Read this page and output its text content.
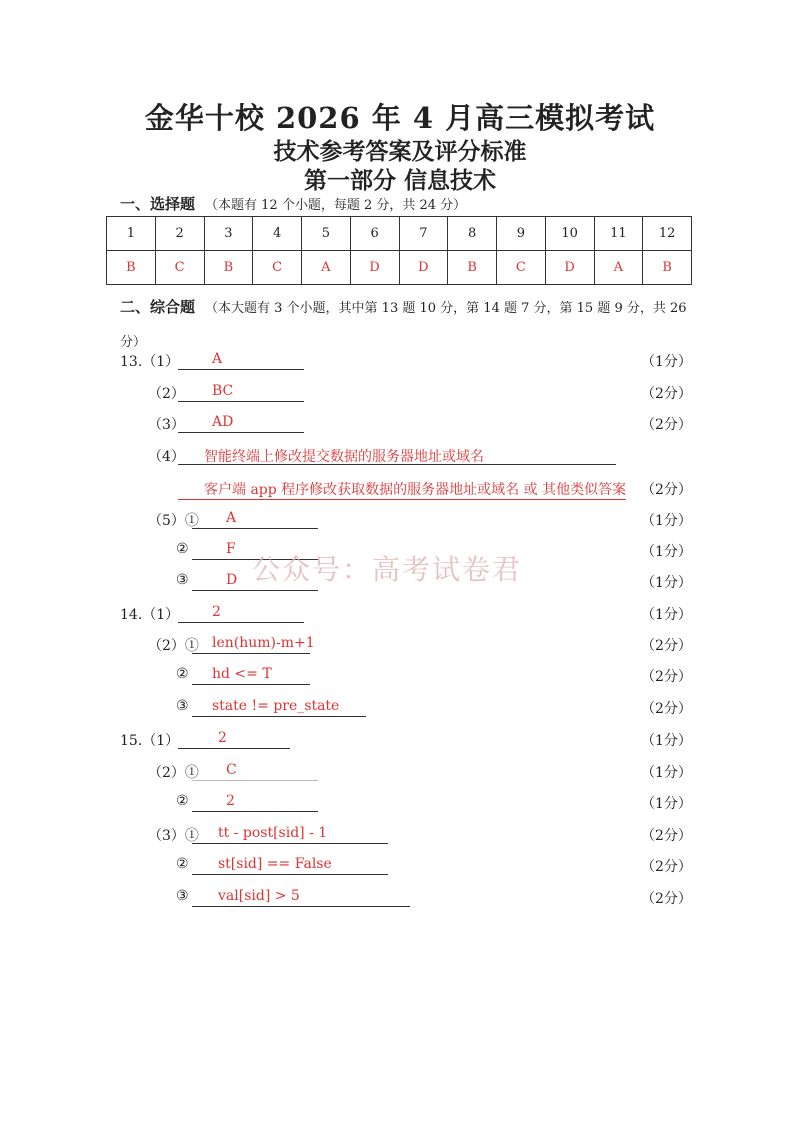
金华十校 2026 年 4 月高三模拟考试
技术参考答案及评分标准
第一部分 信息技术
一、选择题 （本题有 12 个小题，每题 2 分，共 24 分）
1	2	3	4	5	6	7	8	9	10	11	12
B	C	B	C	A	D	D	B	C	D	A	B
二、综合题 （本大题有 3 个小题，其中第 13 题 10 分，第 14 题 7 分，第 15 题 9 分，共 26 分）
13.（1）	A	（1分）
（2）	BC	（2分）
（3）	AD	（2分）
（4）	智能终端上修改提交数据的服务器地址或域名
客户端 app 程序修改获取数据的服务器地址或域名 或 其他类似答案 （2分）
（5）①	A	（1分）
②	F	（1分）
③	D	（1分）
14.（1）	2	（1分）
（2）① len(hum)-m+1	（2分）
②	hd <= T	（2分）
③	state != pre_state	（2分）
15.（1）	2	（1分）
（2）①	C	（1分）
②	2	（1分）
（3）①	tt - post[sid] - 1	（2分）
②	st[sid] == False	（2分）
③	val[sid] > 5	（2分）
公众号：高考试卷君
